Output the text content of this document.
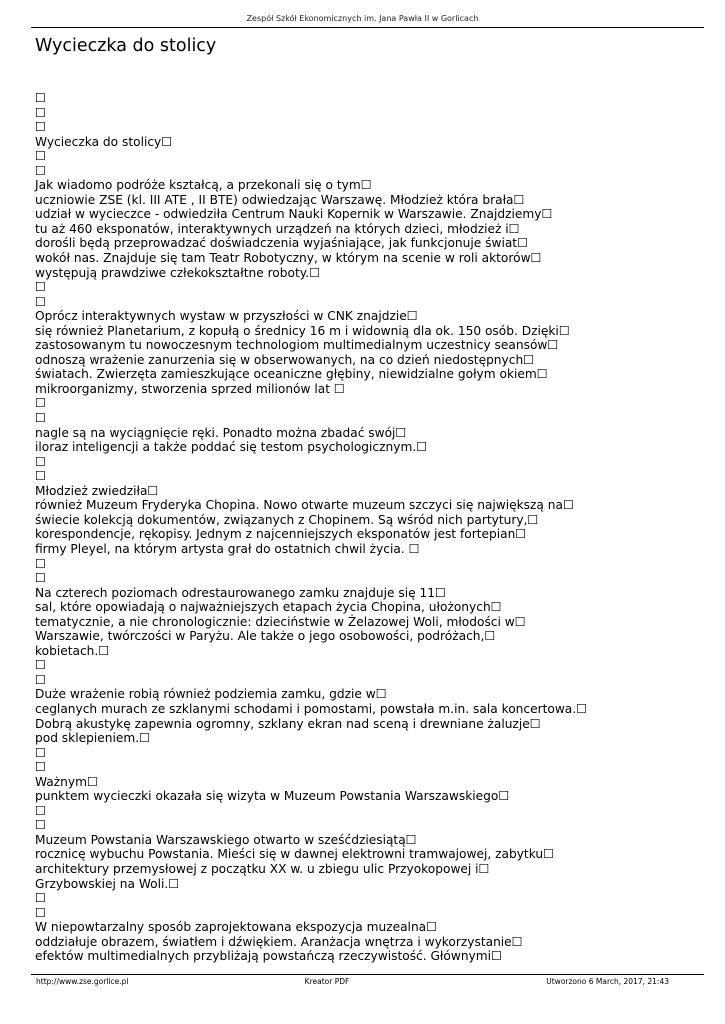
Zespół Szkół Ekonomicznych im. Jana Pawła II w Gorlicach
Wycieczka do stolicy
☐
☐
☐
Wycieczka do stolicy☐
☐
☐
Jak wiadomo podróże kształcą, a przekonali się o tym☐
uczniowie ZSE (kl. III ATE , II BTE) odwiedzając Warszawę. Młodzież która brała☐
udział w wycieczce - odwiedziła Centrum Nauki Kopernik w Warszawie. Znajdziemy☐
tu aż 460 eksponatów, interaktywnych urządzeń na których dzieci, młodzież i☐
dorośli będą przeprowadzać doświadczenia wyjaśniające, jak funkcjonuje świat☐
wokół nas. Znajduje się tam Teatr Robotyczny, w którym na scenie w roli aktorów☐
występują prawdziwe człekokształtne roboty.☐
☐
☐
Oprócz interaktywnych wystaw w przyszłości w CNK znajdzie☐
się również Planetarium, z kopułą o średnicy 16 m i widownią dla ok. 150 osób. Dzięki☐
zastosowanym tu nowoczesnym technologiom multimedialnym uczestnicy seansów☐
odnoszą wrażenie zanurzenia się w obserwowanych, na co dzień niedostępnych☐
światach. Zwierzęta zamieszkujące oceaniczne głębiny, niewidzialne gołym okiem☐
mikroorganizmy, stworzenia sprzed milionów lat ☐
☐
☐
nagle są na wyciągnięcie ręki. Ponadto można zbadać swój☐
iloraz inteligencji a także poddać się testom psychologicznym.☐
☐
☐
Młodzież zwiedziła☐
również Muzeum Fryderyka Chopina. Nowo otwarte muzeum szczyci się największą na☐
świecie kolekcją dokumentów, związanych z Chopinem. Są wśród nich partytury,☐
korespondencje, rękopisy. Jednym z najcenniejszych eksponatów jest fortepian☐
firmy Pleyel, na którym artysta grał do ostatnich chwil życia. ☐
☐
☐
Na czterech poziomach odrestaurowanego zamku znajduje się 11☐
sal, które opowiadają o najważniejszych etapach życia Chopina, ułożonych☐
tematycznie, a nie chronologicznie: dzieciństwie w Żelazowej Woli, młodości w☐
Warszawie, twórczości w Paryżu. Ale także o jego osobowości, podróżach,☐
kobietach.☐
☐
☐
Duże wrażenie robią również podziemia zamku, gdzie w☐
ceglanych murach ze szklanymi schodami i pomostami, powstała m.in. sala koncertowa.☐
Dobrą akustykę zapewnia ogromny, szklany ekran nad sceną i drewniane żaluzje☐
pod sklepieniem.☐
☐
☐
Ważnym☐
punktem wycieczki okazała się wizyta w Muzeum Powstania Warszawskiego☐
☐
☐
Muzeum Powstania Warszawskiego otwarto w sześćdziesiątą☐
rocznicę wybuchu Powstania. Mieści się w dawnej elektrowni tramwajowej, zabytku☐
architektury przemysłowej z początku XX w. u zbiegu ulic Przyokopowej i☐
Grzybowskiej na Woli.☐
☐
☐
W niepowtarzalny sposób zaprojektowana ekspozycja muzealna☐
oddziałuje obrazem, światłem i dźwiękiem. Aranżacja wnętrza i wykorzystanie☐
efektów multimedialnych przybliżają powstańczą rzeczywistość. Głównymi☐
http://www.zse.gorlice.pl	Kreator PDF	Utworzono 6 March, 2017, 21:43
